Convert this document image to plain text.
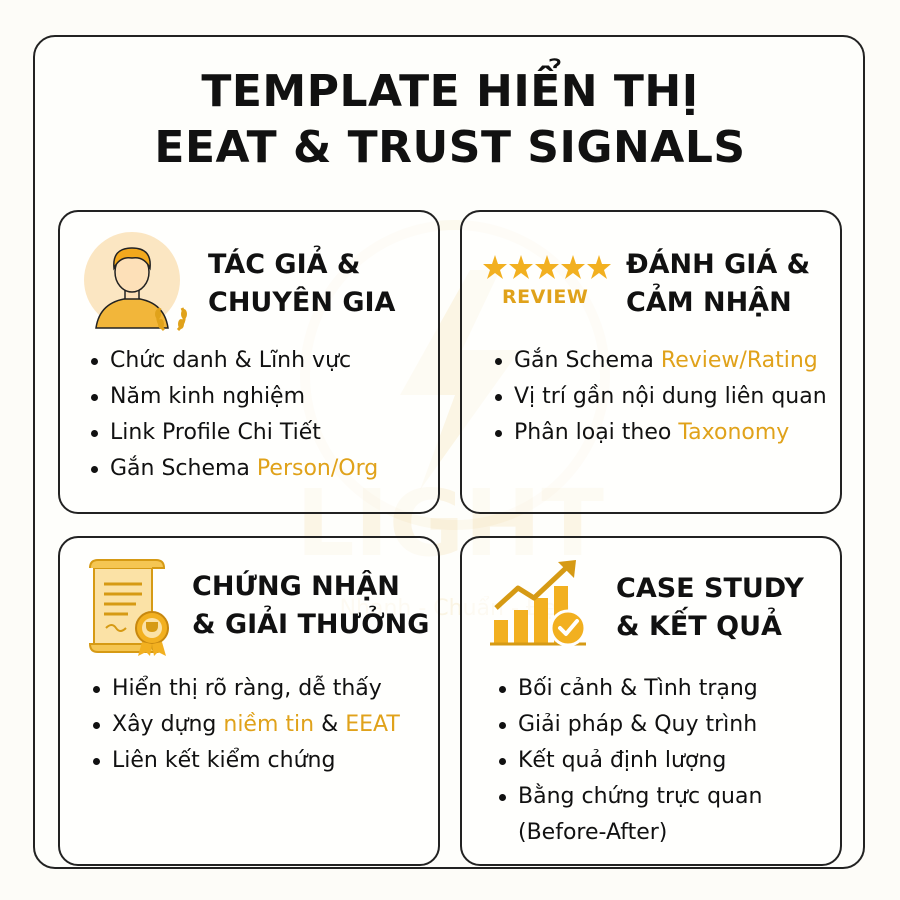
TEMPLATE HIỂN THỊ
EEAT & TRUST SIGNALS
TÁC GIẢ &
CHUYÊN GIA
Chức danh & Lĩnh vực
Năm kinh nghiệm
Link Profile Chi Tiết
Gắn Schema Person/Org
REVIEW
ĐÁNH GIÁ &
CẢM NHẬN
Gắn Schema Review/Rating
Vị trí gần nội dung liên quan
Phân loại theo Taxonomy
CHỨNG NHẬN
& GIẢI THƯỞNG
Hiển thị rõ ràng, dễ thấy
Xây dựng niềm tin & EEAT
Liên kết kiểm chứng
CASE STUDY
& KẾT QUẢ
Bối cảnh & Tình trạng
Giải pháp & Quy trình
Kết quả định lượng
Bằng chứng trực quan
(Before-After)
